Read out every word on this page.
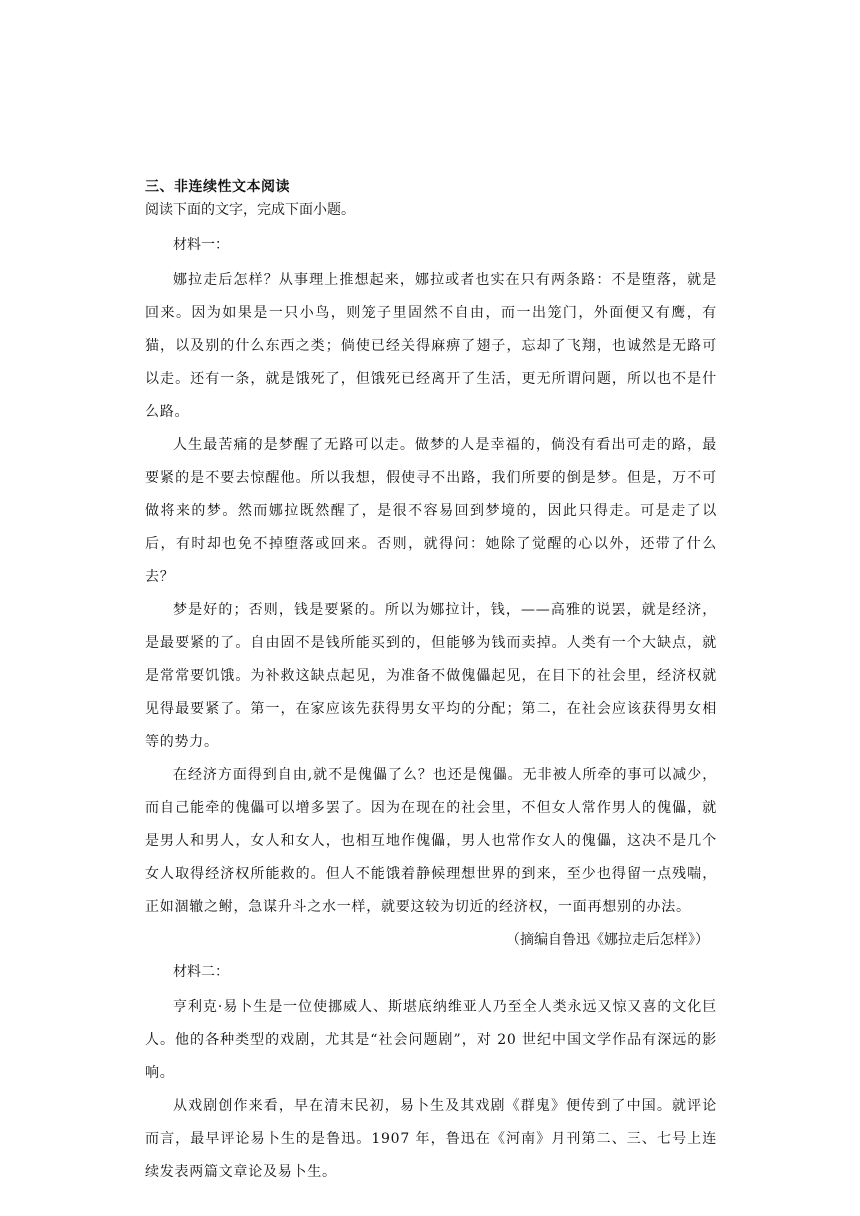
三、非连续性文本阅读

阅读下面的文字，完成下面小题。

材料一：

娜拉走后怎样？从事理上推想起来，娜拉或者也实在只有两条路：不是堕落，就是回来。因为如果是一只小鸟，则笼子里固然不自由，而一出笼门，外面便又有鹰，有猫，以及别的什么东西之类；倘使已经关得麻痹了翅子，忘却了飞翔，也诚然是无路可以走。还有一条，就是饿死了，但饿死已经离开了生活，更无所谓问题，所以也不是什么路。

人生最苦痛的是梦醒了无路可以走。做梦的人是幸福的，倘没有看出可走的路，最要紧的是不要去惊醒他。所以我想，假使寻不出路，我们所要的倒是梦。但是，万不可做将来的梦。然而娜拉既然醒了，是很不容易回到梦境的，因此只得走。可是走了以后，有时却也免不掉堕落或回来。否则，就得问：她除了觉醒的心以外，还带了什么去？

梦是好的；否则，钱是要紧的。所以为娜拉计，钱，——高雅的说罢，就是经济，是最要紧的了。自由固不是钱所能买到的，但能够为钱而卖掉。人类有一个大缺点，就是常常要饥饿。为补救这缺点起见，为准备不做傀儡起见，在目下的社会里，经济权就见得最要紧了。第一，在家应该先获得男女平均的分配；第二，在社会应该获得男女相等的势力。

在经济方面得到自由,就不是傀儡了么？也还是傀儡。无非被人所牵的事可以减少，而自己能牵的傀儡可以增多罢了。因为在现在的社会里，不但女人常作男人的傀儡，就是男人和男人，女人和女人，也相互地作傀儡，男人也常作女人的傀儡，这决不是几个女人取得经济权所能救的。但人不能饿着静候理想世界的到来，至少也得留一点残喘，正如涸辙之鲋，急谋升斗之水一样，就要这较为切近的经济权，一面再想别的办法。

（摘编自鲁迅《娜拉走后怎样》）

材料二：

亨利克·易卜生是一位使挪威人、斯堪底纳维亚人乃至全人类永远又惊又喜的文化巨人。他的各种类型的戏剧，尤其是“社会问题剧”，对 20 世纪中国文学作品有深远的影响。

从戏剧创作来看，早在清末民初，易卜生及其戏剧《群鬼》便传到了中国。就评论而言，最早评论易卜生的是鲁迅。1907 年，鲁迅在《河南》月刊第二、三、七号上连续发表两篇文章论及易卜生。
